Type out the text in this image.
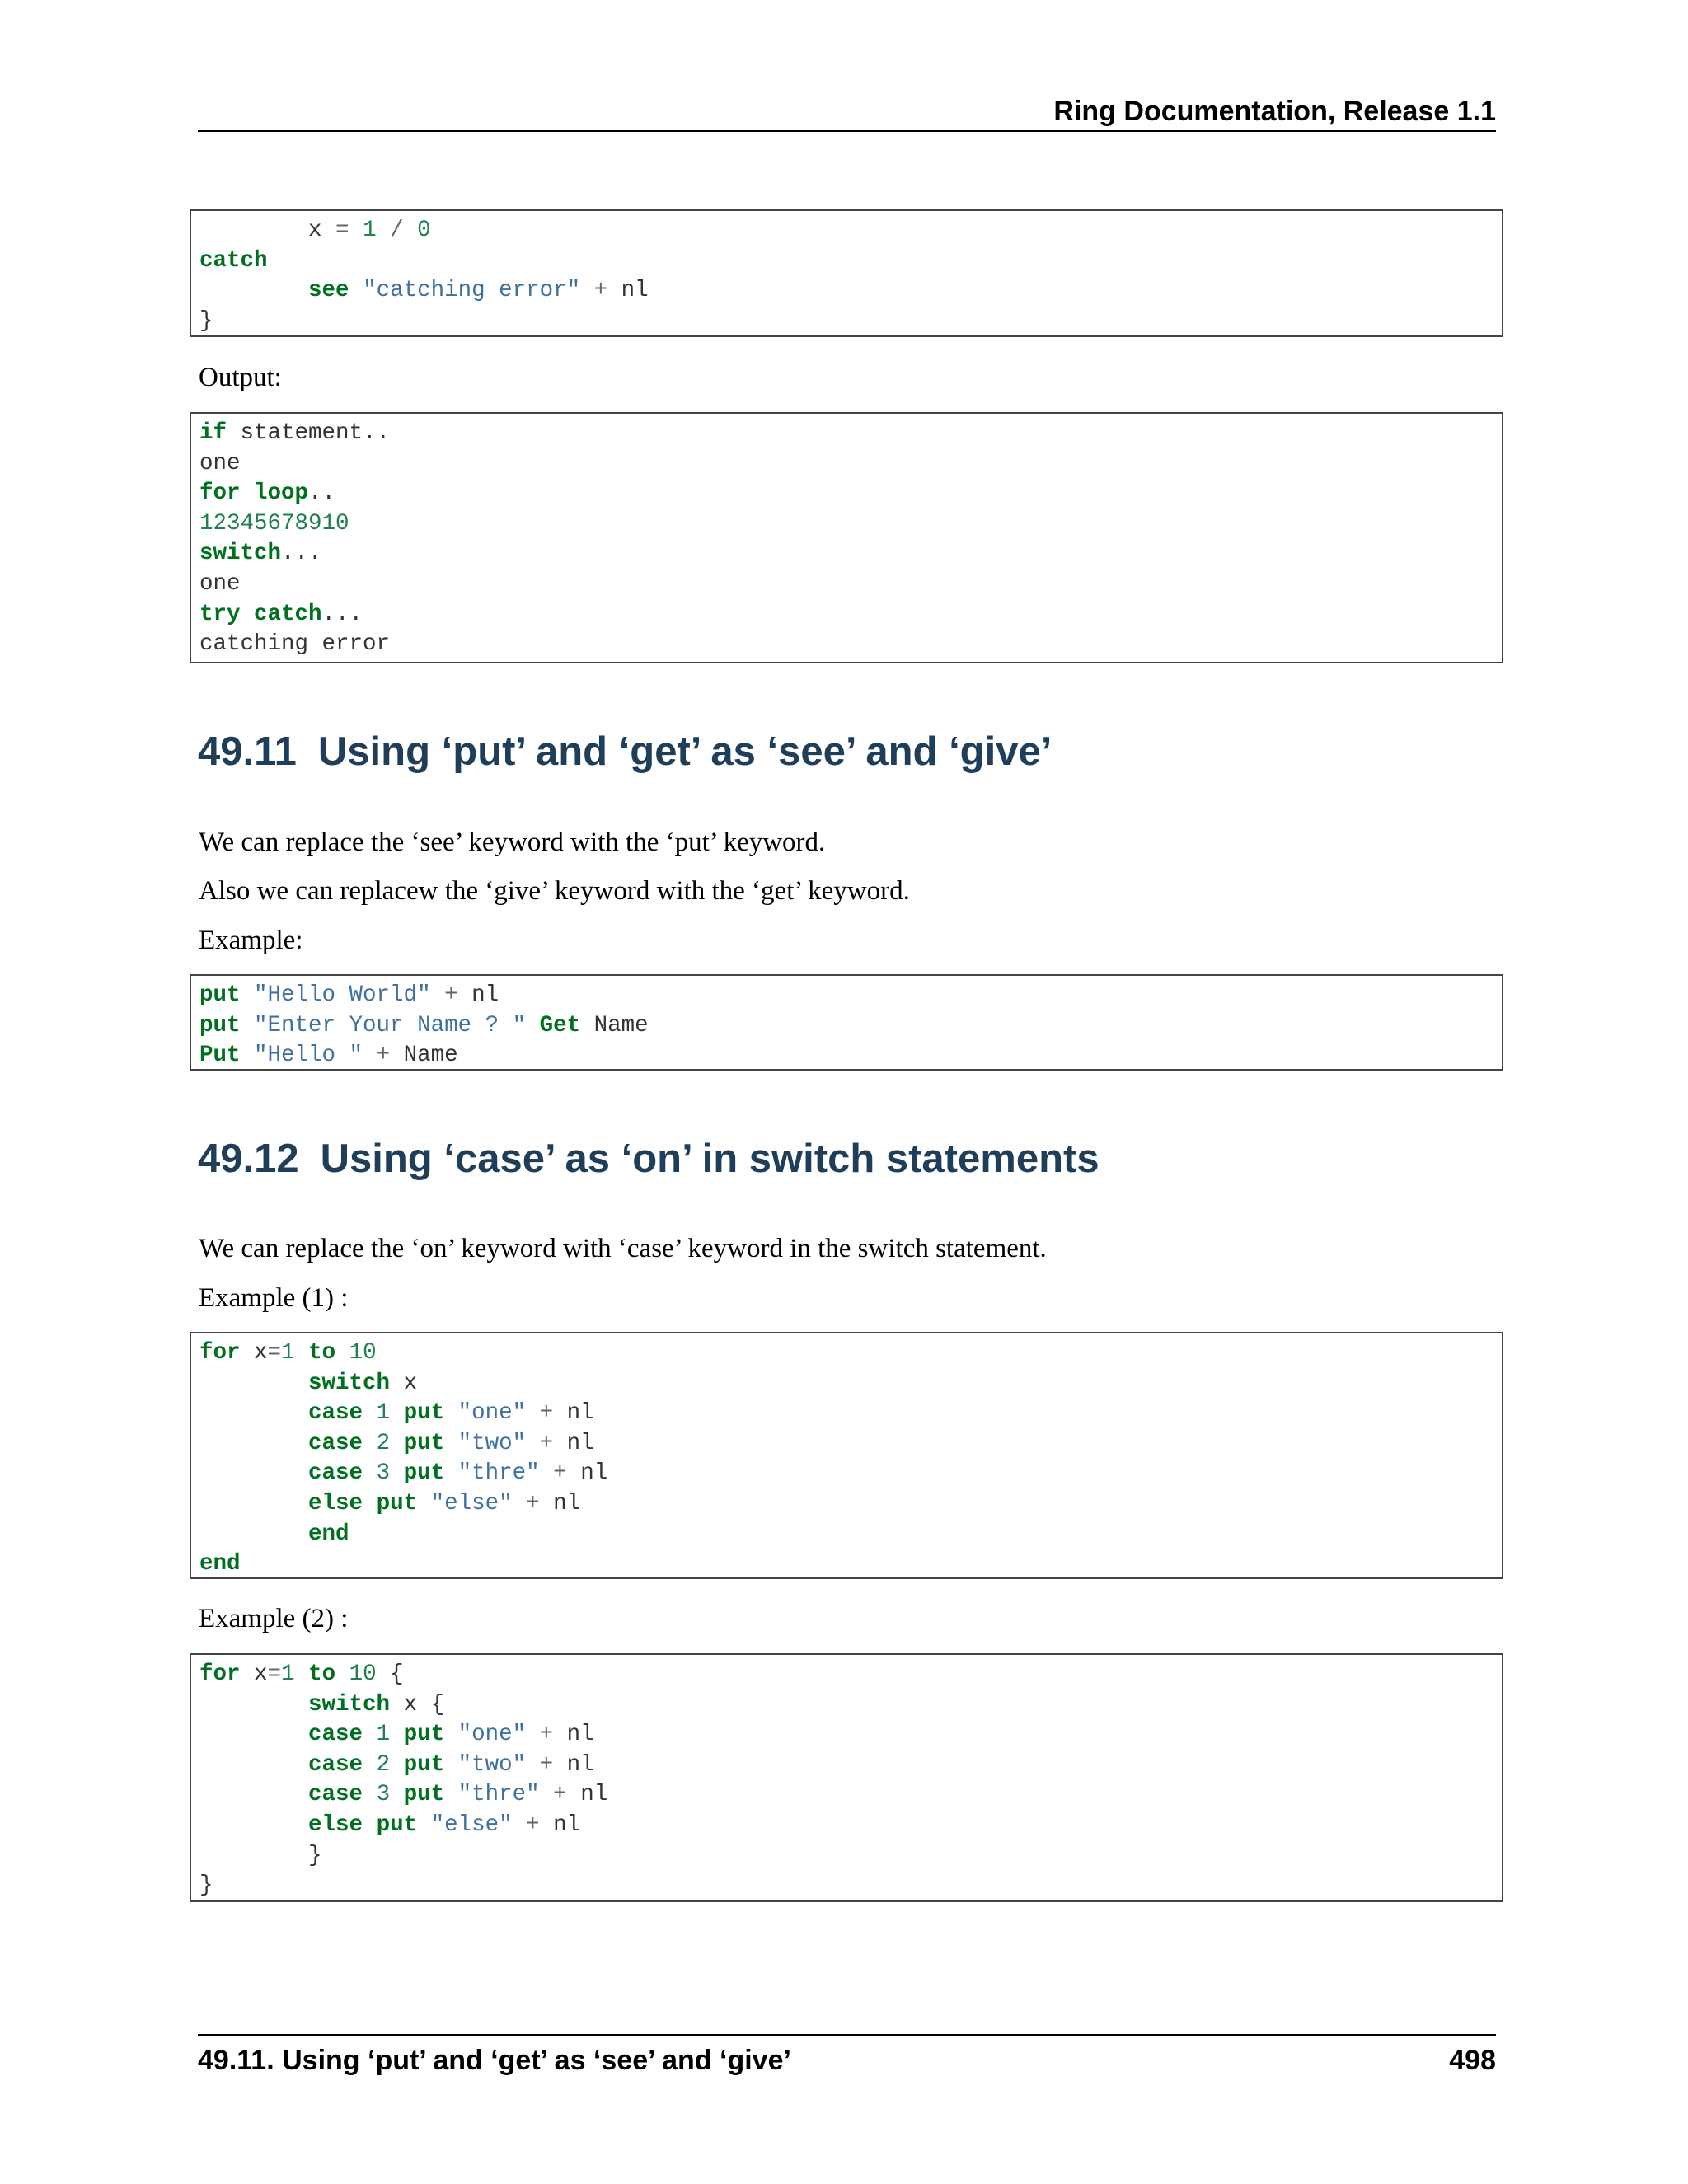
Ring Documentation, Release 1.1
x = 1 / 0
catch
see "catching error" + nl
}
Output:
if statement..
one
for loop..
12345678910
switch...
one
try catch...
catching error
49.11 Using ‘put’ and ‘get’ as ‘see’ and ‘give’
We can replace the ‘see’ keyword with the ‘put’ keyword.
Also we can replacew the ‘give’ keyword with the ‘get’ keyword.
Example:
put "Hello World" + nl
put "Enter Your Name ? " Get Name
Put "Hello " + Name
49.12 Using ‘case’ as ‘on’ in switch statements
We can replace the ‘on’ keyword with ‘case’ keyword in the switch statement.
Example (1) :
for x=1 to 10
switch x
case 1 put "one" + nl
case 2 put "two" + nl
case 3 put "thre" + nl
else put "else" + nl
end
end
Example (2) :
for x=1 to 10 {
switch x {
case 1 put "one" + nl
case 2 put "two" + nl
case 3 put "thre" + nl
else put "else" + nl
}
}
49.11. Using ‘put’ and ‘get’ as ‘see’ and ‘give’	498
